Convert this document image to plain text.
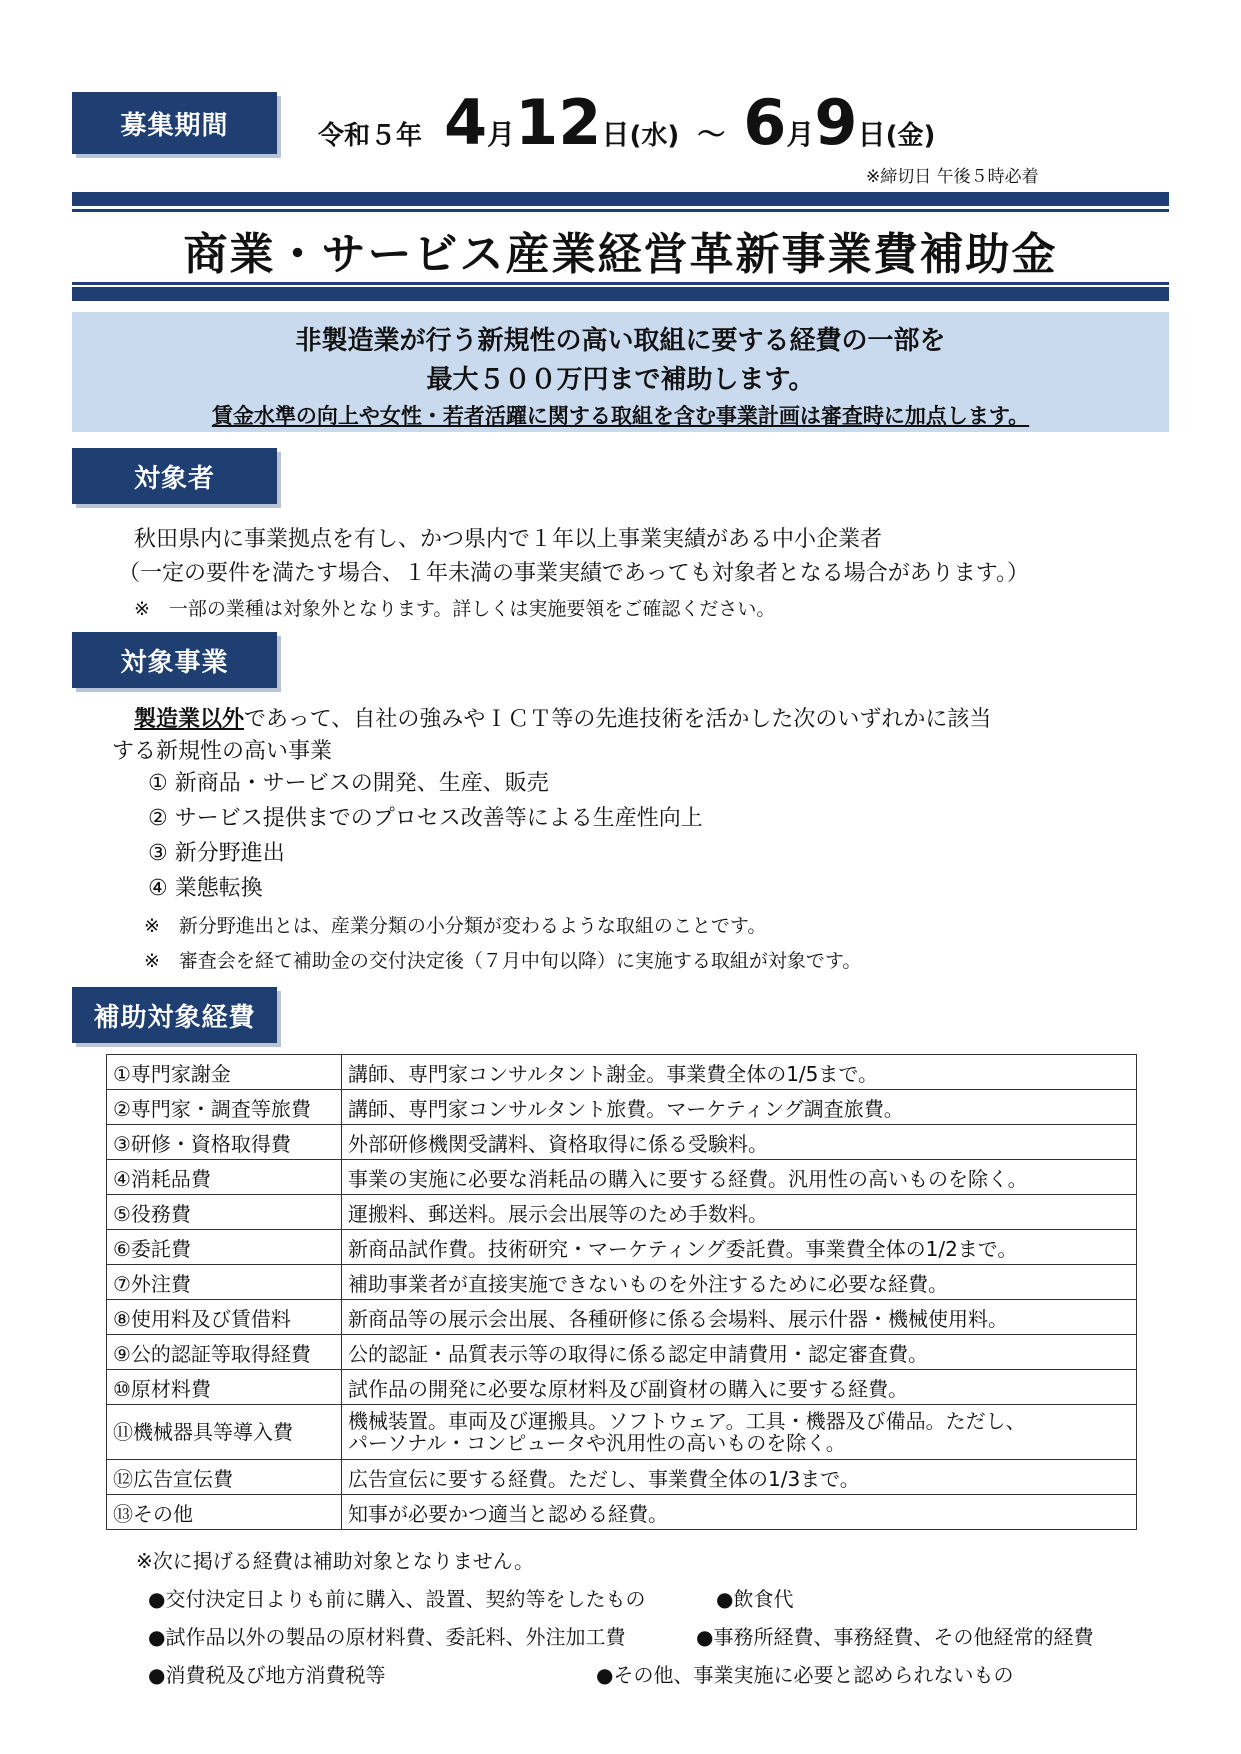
募集期間	令和５年 4 月 12 日 (水) ～ 6 月 9 日 (金)
※締切日 午後５時必着
商業・サービス産業経営革新事業費補助金
非製造業が行う新規性の高い取組に要する経費の一部を
最大５００万円まで補助します。
賃金水準の向上や女性・若者活躍に関する取組を含む事業計画は審査時に加点します。
対象者
秋田県内に事業拠点を有し、かつ県内で１年以上事業実績がある中小企業者
（一定の要件を満たす場合、１年未満の事業実績であっても対象者となる場合があります。）
※　一部の業種は対象外となります。詳しくは実施要領をご確認ください。
対象事業
製造業以外であって、自社の強みやＩＣＴ等の先進技術を活かした次のいずれかに該当
する新規性の高い事業
① 新商品・サービスの開発、生産、販売
② サービス提供までのプロセス改善等による生産性向上
③ 新分野進出
④ 業態転換
※　新分野進出とは、産業分類の小分類が変わるような取組のことです。
※　審査会を経て補助金の交付決定後（７月中旬以降）に実施する取組が対象です。
補助対象経費
①専門家謝金	講師、専門家コンサルタント謝金。事業費全体の1/5まで。
②専門家・調査等旅費	講師、専門家コンサルタント旅費。マーケティング調査旅費。
③研修・資格取得費	外部研修機関受講料、資格取得に係る受験料。
④消耗品費	事業の実施に必要な消耗品の購入に要する経費。汎用性の高いものを除く。
⑤役務費	運搬料、郵送料。展示会出展等のため手数料。
⑥委託費	新商品試作費。技術研究・マーケティング委託費。事業費全体の1/2まで。
⑦外注費	補助事業者が直接実施できないものを外注するために必要な経費。
⑧使用料及び賃借料	新商品等の展示会出展、各種研修に係る会場料、展示什器・機械使用料。
⑨公的認証等取得経費	公的認証・品質表示等の取得に係る認定申請費用・認定審査費。
⑩原材料費	試作品の開発に必要な原材料及び副資材の購入に要する経費。
⑪機械器具等導入費	機械装置。車両及び運搬具。ソフトウェア。工具・機器及び備品。ただし、
パーソナル・コンピュータや汎用性の高いものを除く。

⑫広告宣伝費	広告宣伝に要する経費。ただし、事業費全体の1/3まで。
⑬その他	知事が必要かつ適当と認める経費。
※次に掲げる経費は補助対象となりません。
●交付決定日よりも前に購入、設置、契約等をしたもの	●飲食代
●試作品以外の製品の原材料費、委託料、外注加工費	●事務所経費、事務経費、その他経常的経費
●消費税及び地方消費税等	●その他、事業実施に必要と認められないもの
